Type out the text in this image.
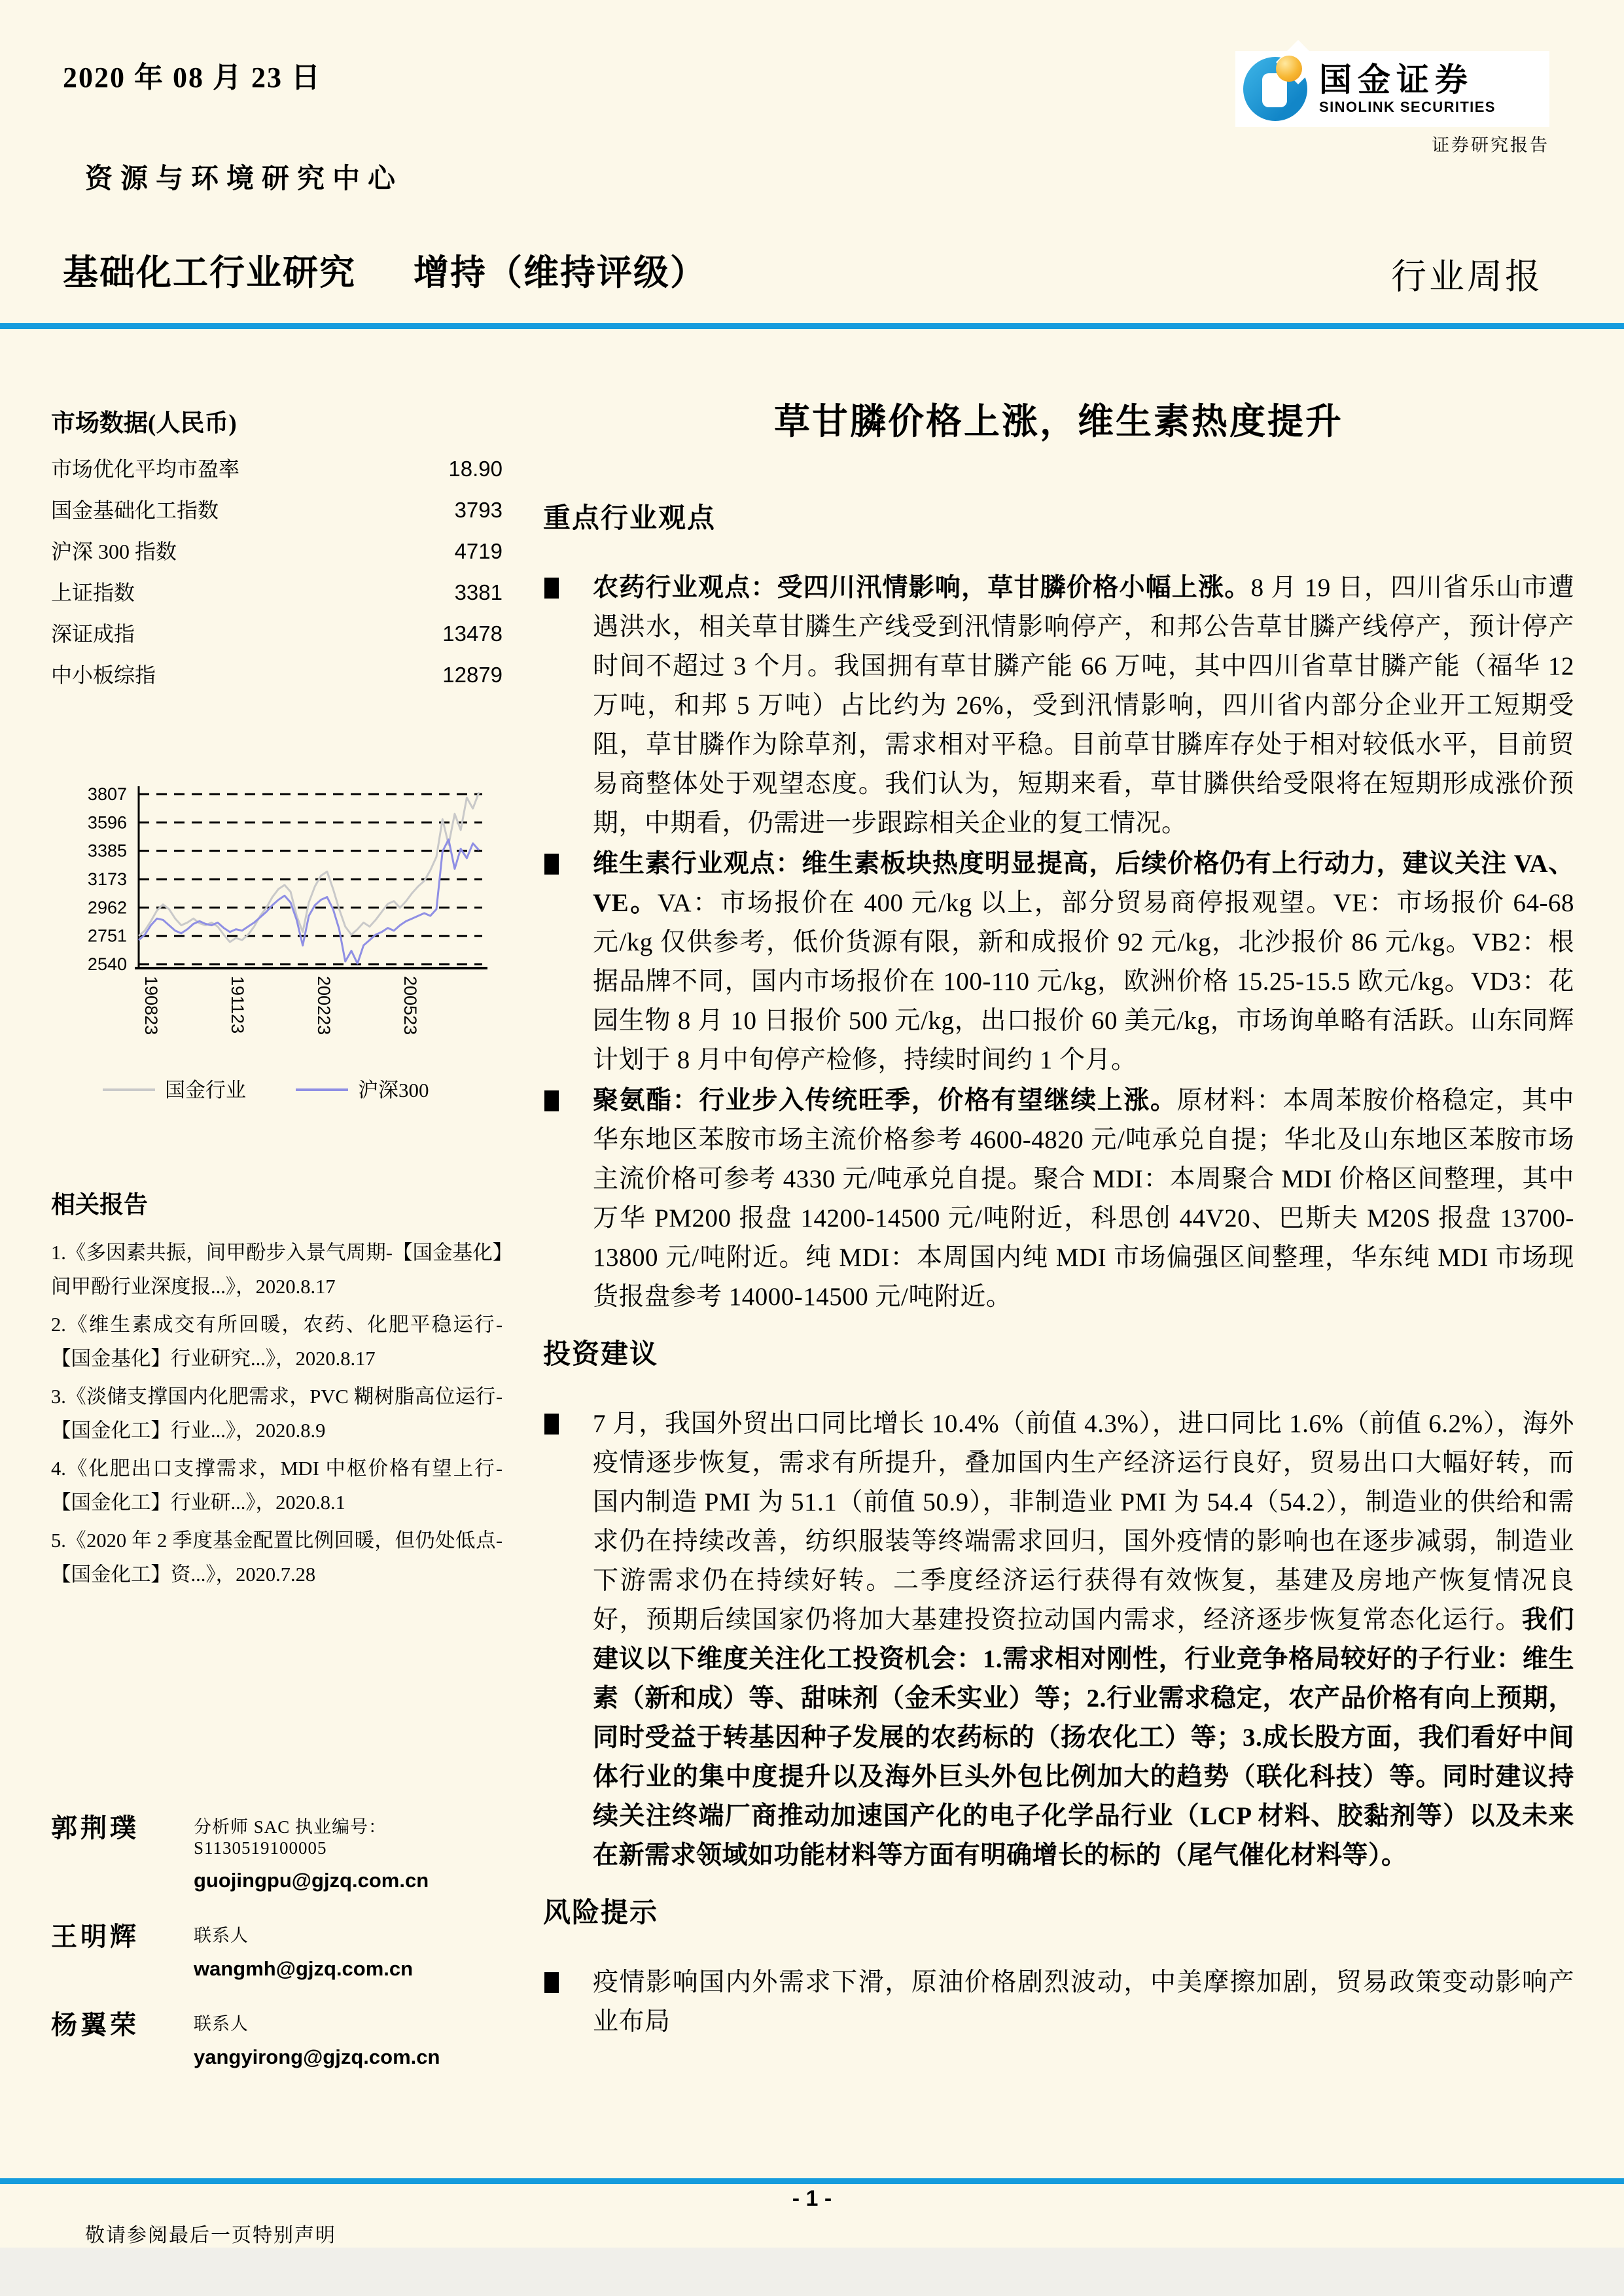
2020 年 08 月 23 日	国金证券
SINOLINK SECURITIES
证券研究报告
资源与环境研究中心
基础化工行业研究 增持（维持评级）	行业周报
市场数据(人民币)
市场优化平均市盈率	18.90
国金基础化工指数	3793
沪深 300 指数	4719
上证指数	3381
深证成指	13478
中小板综指	12879
3807
3596
3385
3173
2962
2751
2540
190823	191123	200223	200523
国金行业	沪深300
相关报告
1.《多因素共振，间甲酚步入景气周期-【国金基化】间甲酚行业深度报...》，2020.8.17
2.《维生素成交有所回暖，农药、化肥平稳运行-【国金基化】行业研究...》，2020.8.17
3.《淡储支撑国内化肥需求，PVC 糊树脂高位运行-【国金化工】行业...》，2020.8.9
4.《化肥出口支撑需求，MDI 中枢价格有望上行-【国金化工】行业研...》，2020.8.1
5.《2020 年 2 季度基金配置比例回暖，但仍处低点-【国金化工】资...》，2020.7.28
郭荆璞	分析师 SAC 执业编号：S1130519100005
guojingpu@gjzq.com.cn
王明辉	联系人
wangmh@gjzq.com.cn
杨翼荣	联系人
yangyirong@gjzq.com.cn
草甘膦价格上涨，维生素热度提升
重点行业观点
农药行业观点：受四川汛情影响，草甘膦价格小幅上涨。8 月 19 日，四川省乐山市遭遇洪水，相关草甘膦生产线受到汛情影响停产，和邦公告草甘膦产线停产，预计停产时间不超过 3 个月。我国拥有草甘膦产能 66 万吨，其中四川省草甘膦产能（福华 12 万吨，和邦 5 万吨）占比约为 26%，受到汛情影响，四川省内部分企业开工短期受阻，草甘膦作为除草剂，需求相对平稳。目前草甘膦库存处于相对较低水平，目前贸易商整体处于观望态度。我们认为，短期来看，草甘膦供给受限将在短期形成涨价预期，中期看，仍需进一步跟踪相关企业的复工情况。
维生素行业观点：维生素板块热度明显提高，后续价格仍有上行动力，建议关注 VA、VE。VA：市场报价在 400 元/kg 以上，部分贸易商停报观望。VE：市场报价 64-68 元/kg 仅供参考，低价货源有限，新和成报价 92 元/kg，北沙报价 86 元/kg。VB2：根据品牌不同，国内市场报价在 100-110 元/kg，欧洲价格 15.25-15.5 欧元/kg。VD3：花园生物 8 月 10 日报价 500 元/kg，出口报价 60 美元/kg，市场询单略有活跃。山东同辉计划于 8 月中旬停产检修，持续时间约 1 个月。
聚氨酯：行业步入传统旺季，价格有望继续上涨。原材料：本周苯胺价格稳定，其中华东地区苯胺市场主流价格参考 4600-4820 元/吨承兑自提；华北及山东地区苯胺市场主流价格可参考 4330 元/吨承兑自提。聚合 MDI：本周聚合 MDI 价格区间整理，其中万华 PM200 报盘 14200-14500 元/吨附近，科思创 44V20、巴斯夫 M20S 报盘 13700-13800 元/吨附近。纯 MDI：本周国内纯 MDI 市场偏强区间整理，华东纯 MDI 市场现货报盘参考 14000-14500 元/吨附近。
投资建议
7 月，我国外贸出口同比增长 10.4%（前值 4.3%），进口同比 1.6%（前值 6.2%），海外疫情逐步恢复，需求有所提升，叠加国内生产经济运行良好，贸易出口大幅好转，而国内制造 PMI 为 51.1（前值 50.9），非制造业 PMI 为 54.4（54.2），制造业的供给和需求仍在持续改善，纺织服装等终端需求回归，国外疫情的影响也在逐步减弱，制造业下游需求仍在持续好转。二季度经济运行获得有效恢复，基建及房地产恢复情况良好，预期后续国家仍将加大基建投资拉动国内需求，经济逐步恢复常态化运行。我们建议以下维度关注化工投资机会：1.需求相对刚性，行业竞争格局较好的子行业：维生素（新和成）等、甜味剂（金禾实业）等；2.行业需求稳定，农产品价格有向上预期，同时受益于转基因种子发展的农药标的（扬农化工）等；3.成长股方面，我们看好中间体行业的集中度提升以及海外巨头外包比例加大的趋势（联化科技）等。同时建议持续关注终端厂商推动加速国产化的电子化学品行业（LCP 材料、胶黏剂等）以及未来在新需求领域如功能材料等方面有明确增长的标的（尾气催化材料等）。
风险提示
疫情影响国内外需求下滑，原油价格剧烈波动，中美摩擦加剧，贸易政策变动影响产业布局
- 1 -
敬请参阅最后一页特别声明
